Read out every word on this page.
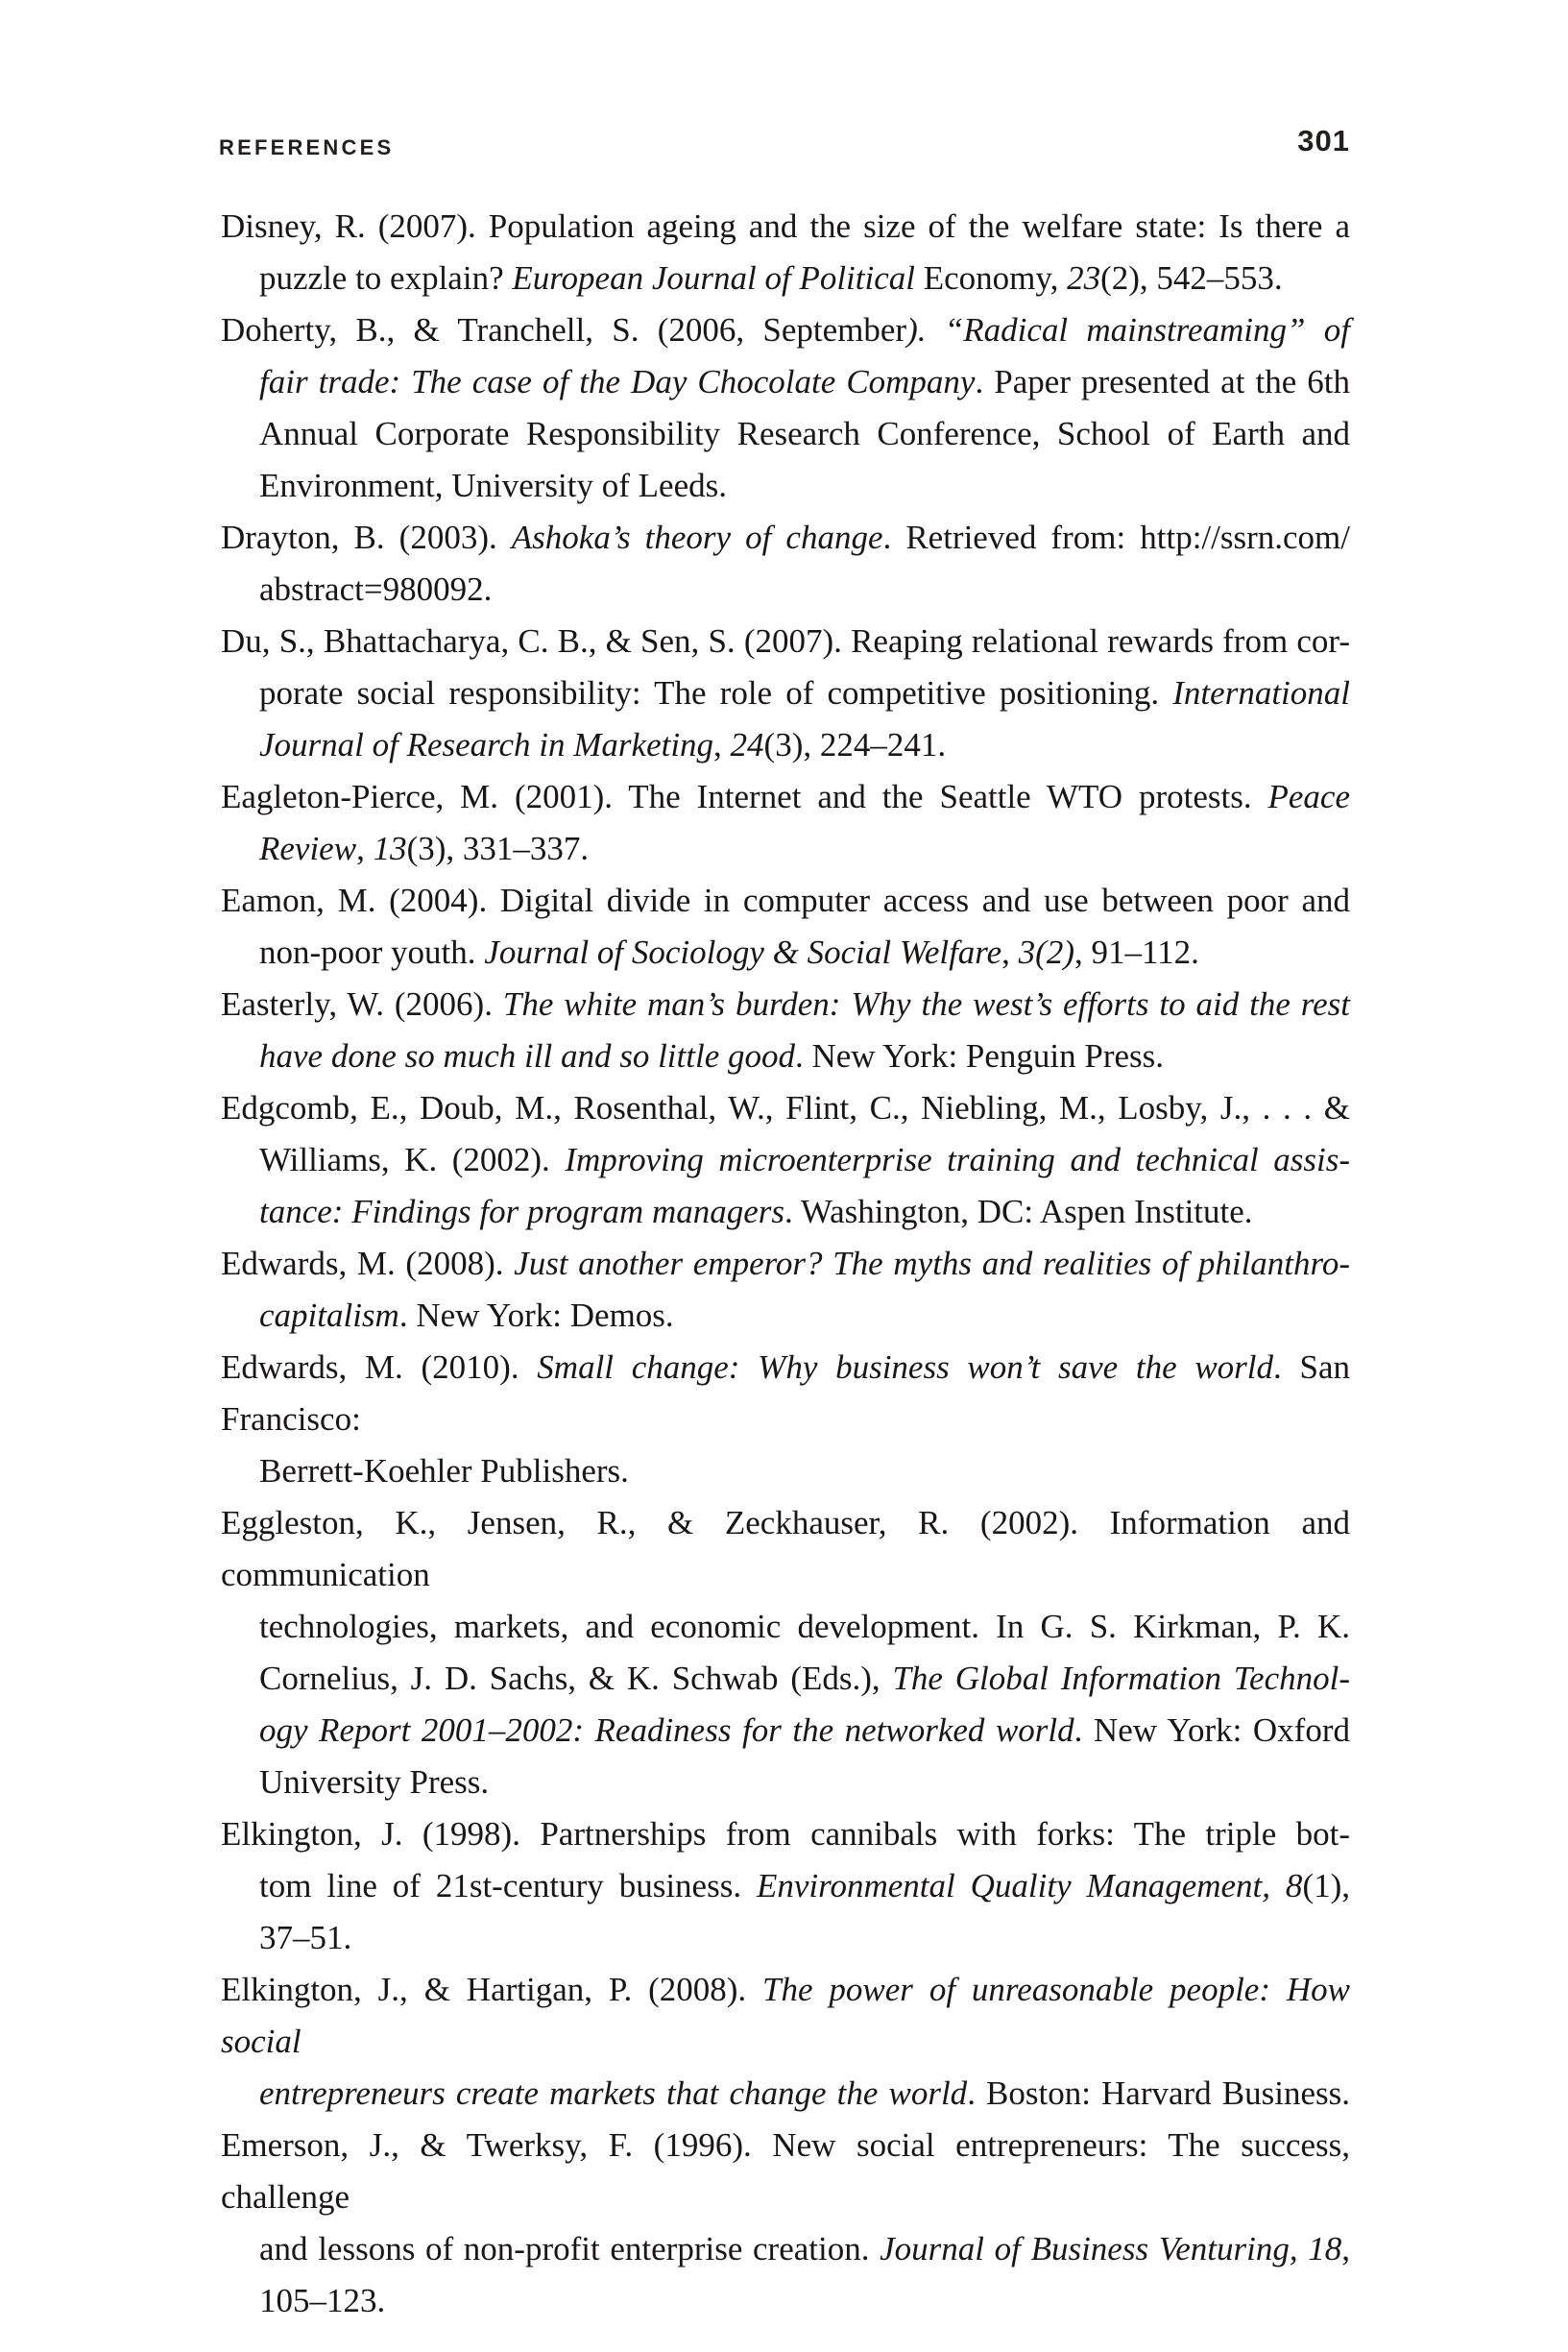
REFERENCES	301

Disney, R. (2007). Population ageing and the size of the welfare state: Is there a
puzzle to explain? European Journal of Political Economy, 23(2), 542–553.

Doherty, B., & Tranchell, S. (2006, September). “Radical mainstreaming” of
fair trade: The case of the Day Chocolate Company. Paper presented at the 6th
Annual Corporate Responsibility Research Conference, School of Earth and
Environment, University of Leeds.

Drayton, B. (2003). Ashoka’s theory of change. Retrieved from: http://ssrn.com/
abstract=980092.

Du, S., Bhattacharya, C. B., & Sen, S. (2007). Reaping relational rewards from cor-
porate social responsibility: The role of competitive positioning. International
Journal of Research in Marketing, 24(3), 224–241.

Eagleton-Pierce, M. (2001). The Internet and the Seattle WTO protests. Peace
Review, 13(3), 331–337.

Eamon, M. (2004). Digital divide in computer access and use between poor and
non-poor youth. Journal of Sociology & Social Welfare, 3(2), 91–112.

Easterly, W. (2006). The white man’s burden: Why the west’s efforts to aid the rest
have done so much ill and so little good. New York: Penguin Press.

Edgcomb, E., Doub, M., Rosenthal, W., Flint, C., Niebling, M., Losby, J., . . . &
Williams, K. (2002). Improving microenterprise training and technical assis-
tance: Findings for program managers. Washington, DC: Aspen Institute.

Edwards, M. (2008). Just another emperor? The myths and realities of philanthro-
capitalism. New York: Demos.

Edwards, M. (2010). Small change: Why business won’t save the world. San Francisco:
Berrett-Koehler Publishers.

Eggleston, K., Jensen, R., & Zeckhauser, R. (2002). Information and communication
technologies, markets, and economic development. In G. S. Kirkman, P. K.
Cornelius, J. D. Sachs, & K. Schwab (Eds.), The Global Information Technol-
ogy Report 2001–2002: Readiness for the networked world. New York: Oxford
University Press.

Elkington, J. (1998). Partnerships from cannibals with forks: The triple bot-
tom line of 21st-century business. Environmental Quality Management, 8(1),
37–51.

Elkington, J., & Hartigan, P. (2008). The power of unreasonable people: How social
entrepreneurs create markets that change the world. Boston: Harvard Business.

Emerson, J., & Twerksy, F. (1996). New social entrepreneurs: The success, challenge
and lessons of non-profit enterprise creation. Journal of Business Venturing, 18,
105–123.
